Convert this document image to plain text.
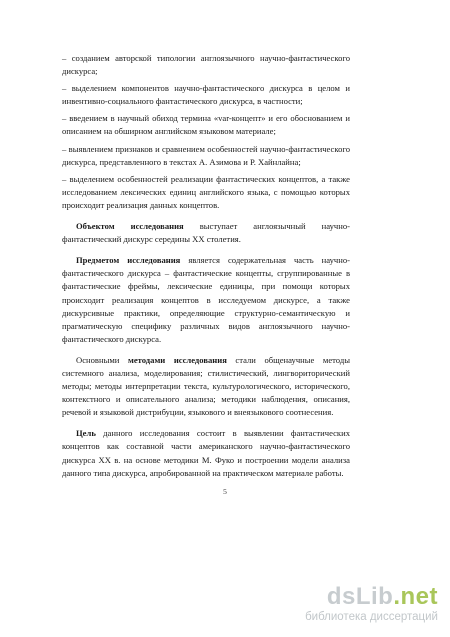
– созданием авторской типологии англоязычного научно-фантастического дискурса;

– выделением компонентов научно-фантастического дискурса в целом и инвентивно-социального фантастического дискурса, в частности;

– введением в научный обиход термина «var-концепт» и его обоснованием и описанием на обширном английском языковом материале;

– выявлением признаков и сравнением особенностей научно-фантастического дискурса, представленного в текстах А. Азимова и Р. Хайнлайна;

– выделением особенностей реализации фантастических концептов, а также исследованием лексических единиц английского языка, с помощью которых происходит реализация данных концептов.

Объектом исследования выступает англоязычный научно-фантастический дискурс середины XX столетия.

Предметом исследования является содержательная часть научно-фантастического дискурса – фантастические концепты, сгруппированные в фантастические фреймы, лексические единицы, при помощи которых происходит реализация концептов в исследуемом дискурсе, а также дискурсивные практики, определяющие структурно-семантическую и прагматическую специфику различных видов англоязычного научно-фантастического дискурса.

Основными методами исследования стали общенаучные методы системного анализа, моделирования; стилистический, лингвориторический методы; методы интерпретации текста, культурологического, исторического, контекстного и описательного анализа; методики наблюдения, описания, речевой и языковой дистрибуции, языкового и внеязыкового соотнесения.

Цель данного исследования состоит в выявлении фантастических концептов как составной части американского научно-фантастического дискурса XX в. на основе методики М. Фуко и построении модели анализа данного типа дискурса, апробированной на практическом материале работы.

5
dsLib.net
библиотека диссертаций
